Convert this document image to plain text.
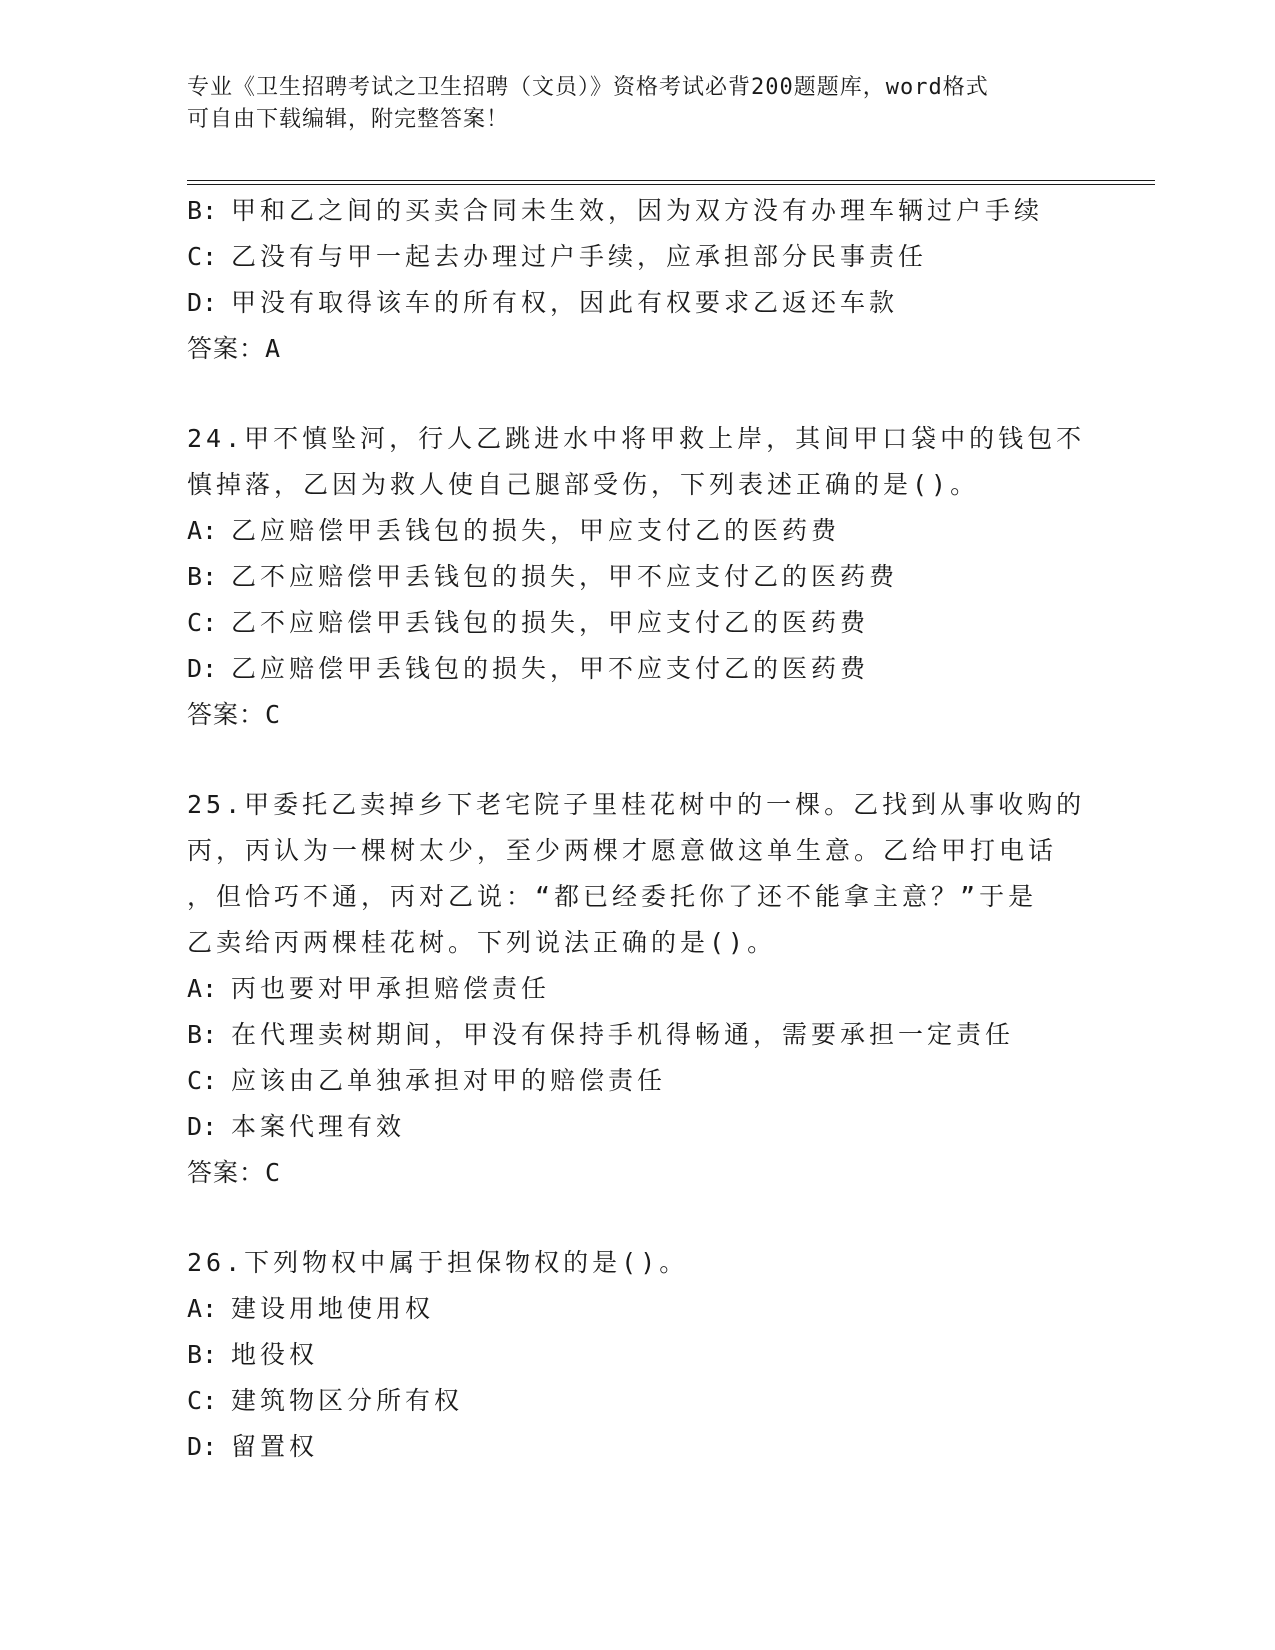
专业《卫生招聘考试之卫生招聘（文员）》资格考试必背200题题库，word格式
可自由下载编辑，附完整答案！
B: 甲和乙之间的买卖合同未生效，因为双方没有办理车辆过户手续
C: 乙没有与甲一起去办理过户手续，应承担部分民事责任
D: 甲没有取得该车的所有权，因此有权要求乙返还车款
答案：A
24.甲不慎坠河，行人乙跳进水中将甲救上岸，其间甲口袋中的钱包不
慎掉落，乙因为救人使自己腿部受伤，下列表述正确的是()。
A: 乙应赔偿甲丢钱包的损失，甲应支付乙的医药费
B: 乙不应赔偿甲丢钱包的损失，甲不应支付乙的医药费
C: 乙不应赔偿甲丢钱包的损失，甲应支付乙的医药费
D: 乙应赔偿甲丢钱包的损失，甲不应支付乙的医药费
答案：C
25.甲委托乙卖掉乡下老宅院子里桂花树中的一棵。乙找到从事收购的
丙，丙认为一棵树太少，至少两棵才愿意做这单生意。乙给甲打电话
，但恰巧不通，丙对乙说：“都已经委托你了还不能拿主意？”于是
乙卖给丙两棵桂花树。下列说法正确的是()。
A: 丙也要对甲承担赔偿责任
B: 在代理卖树期间，甲没有保持手机得畅通，需要承担一定责任
C: 应该由乙单独承担对甲的赔偿责任
D: 本案代理有效
答案：C
26.下列物权中属于担保物权的是()。
A: 建设用地使用权
B: 地役权
C: 建筑物区分所有权
D: 留置权
